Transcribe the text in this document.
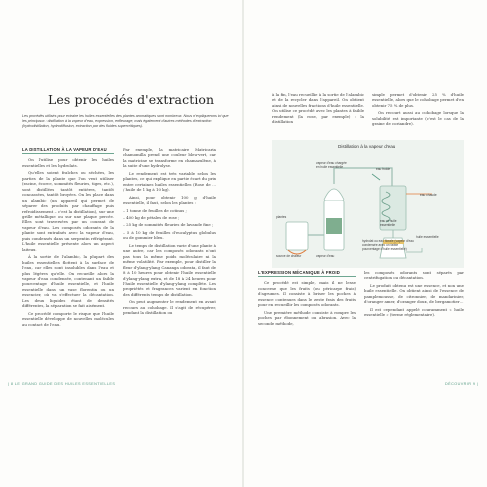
Les procédés d'extraction
Les procédés utilisés pour extraire les huiles essentielles des plantes aromatiques sont nombreux. Nous n'expliquerons ici que les principaux : distillation à la vapeur d'eau, expression, enfleurage, mais également d'autres méthodes d'extraction (hydrodistillation, hydrodiffusion, extraction par des fluides supercritiques).
LA DISTILLATION À LA VAPEUR D'EAU

On l'utilise pour obtenir les huiles essentielles et les hydrolats.

Qu'elles soient fraîches ou séchées, les parties de la plante que l'on veut utiliser (racine, écorce, sommités fleuries, tiges, etc.), sont distillées tantôt entières, tantôt concassées, tantôt broyées. On les place dans un alambic (un appareil qui permet de séparer des produits par chauffage puis refroidissement – c'est la distillation), sur une grille métallique ou sur une plaque percée. Elles sont traversées par un courant de vapeur d'eau. Les composés odorants de la plante sont entraînés avec la vapeur d'eau, puis condensés dans un serpentin réfrigérant. L'huile essentielle présente alors un aspect laiteux.

À la sortie de l'alambic, la plupart des huiles essentielles flottent à la surface de l'eau, car elles sont insolubles dans l'eau et plus légères qu'elle. On recueille alors la vapeur d'eau condensée, contenant un faible pourcentage d'huile essentielle, et l'huile essentielle dans un vase florentin ou un essencier, où va s'effectuer la décantation. Les deux liquides étant de densités différentes, la séparation se fait aisément.

Ce procédé comporte le risque que l'huile essentielle développe de nouvelles molécules au contact de l'eau.

Par exemple, la matricaire Matricaria chamomilla prend une couleur bleu-vert, car la matricine se transforme en chamazulène, à la suite d'une hydrolyse.

Le rendement est très variable selon les plantes, ce qui explique en partie écart du prix entre certaines huiles essentielles (Rose de ... / huile de 1 kg à 10 kg).

Ainsi, pour obtenir 100 g d'huile essentielle, il faut, selon les plantes :

– 1 tonne de feuilles de cotinus ;

– 400 kg de pétales de rose ;

– 25 kg de sommités fleuries de lavande fine ;

– 5 à 10 kg de feuilles d'eucalyptus globulus ou de gommier bleu.

Le temps de distillation varie d'une plante à une autre, car les composés odorants n'ont pas tous la même poids moléculaire ni la même volatilité. Par exemple, pour distiller la fleur d'ylang-ylang Cananga odorata, il faut de 8 à 10 heures pour obtenir l'huile essentielle d'ylang-ylang extra, et de 18 à 24 heures pour l'huile essentielle d'ylang-ylang complète. Les propriétés et fragrances varient en fonction des différents temps de distillation.

On peut augmenter le rendement en avant recours au cohobage. Il s'agit de récupérer, pendant la distillation ou

à la fin, l'eau recueillie à la sortie de l'alambic et de la recycler dans l'appareil. On obtient ainsi de nouvelles fractions d'huile essentielle. On utilise ce procédé avec les plantes à faible rendement (la rose, par exemple) : la distillation

simple permet d'obtenir 25 % d'huile essentielle, alors que le cohobage permet d'en obtenir 75 % de plus.

On recourt aussi au cohobage lorsque la solubilité est importante (c'est le cas de la graine de coriandre).

Distillation à la vapeur d'eau
vapeur d'eau chargée en huile essentielle
eau froide
eau chaude
plantes
source de chaleur	vapeur d'eau
eau et huile essentielle
huile essentielle
hydrolat ou eau florale (vapeur d'eau condensée avec un faible pourcentage d'huile essentielle)
L'EXPRESSION MÉCANIQUE À FROID

Ce procédé est simple, mais il ne lesse concerne que les fruits (ou péricarpe frais) d'agrumes. Il consiste à briser les poches à essence contenues dans le zeste frais des fruits pour en recueillir les composés odorants.

Une première méthode consiste à rompre les poches par ébonnement ou abrasion. Avec la seconde méthode,

les composés odorants sont séparés par centrifugation ou décantation.

Le produit obtenu est une essence, et non une huile essentielle. On obtient ainsi de l'essence de pamplemousse, de citronnier, de mandarinier, d'oranger amer, d'oranger doux, de bergamotier…

Il est cependant appelé couramment « huile essentielle » (terme réglementaire).

| 8 LE GRAND GUIDE DES HUILES ESSENTIELLES	DÉCOUVRIR 9 |
